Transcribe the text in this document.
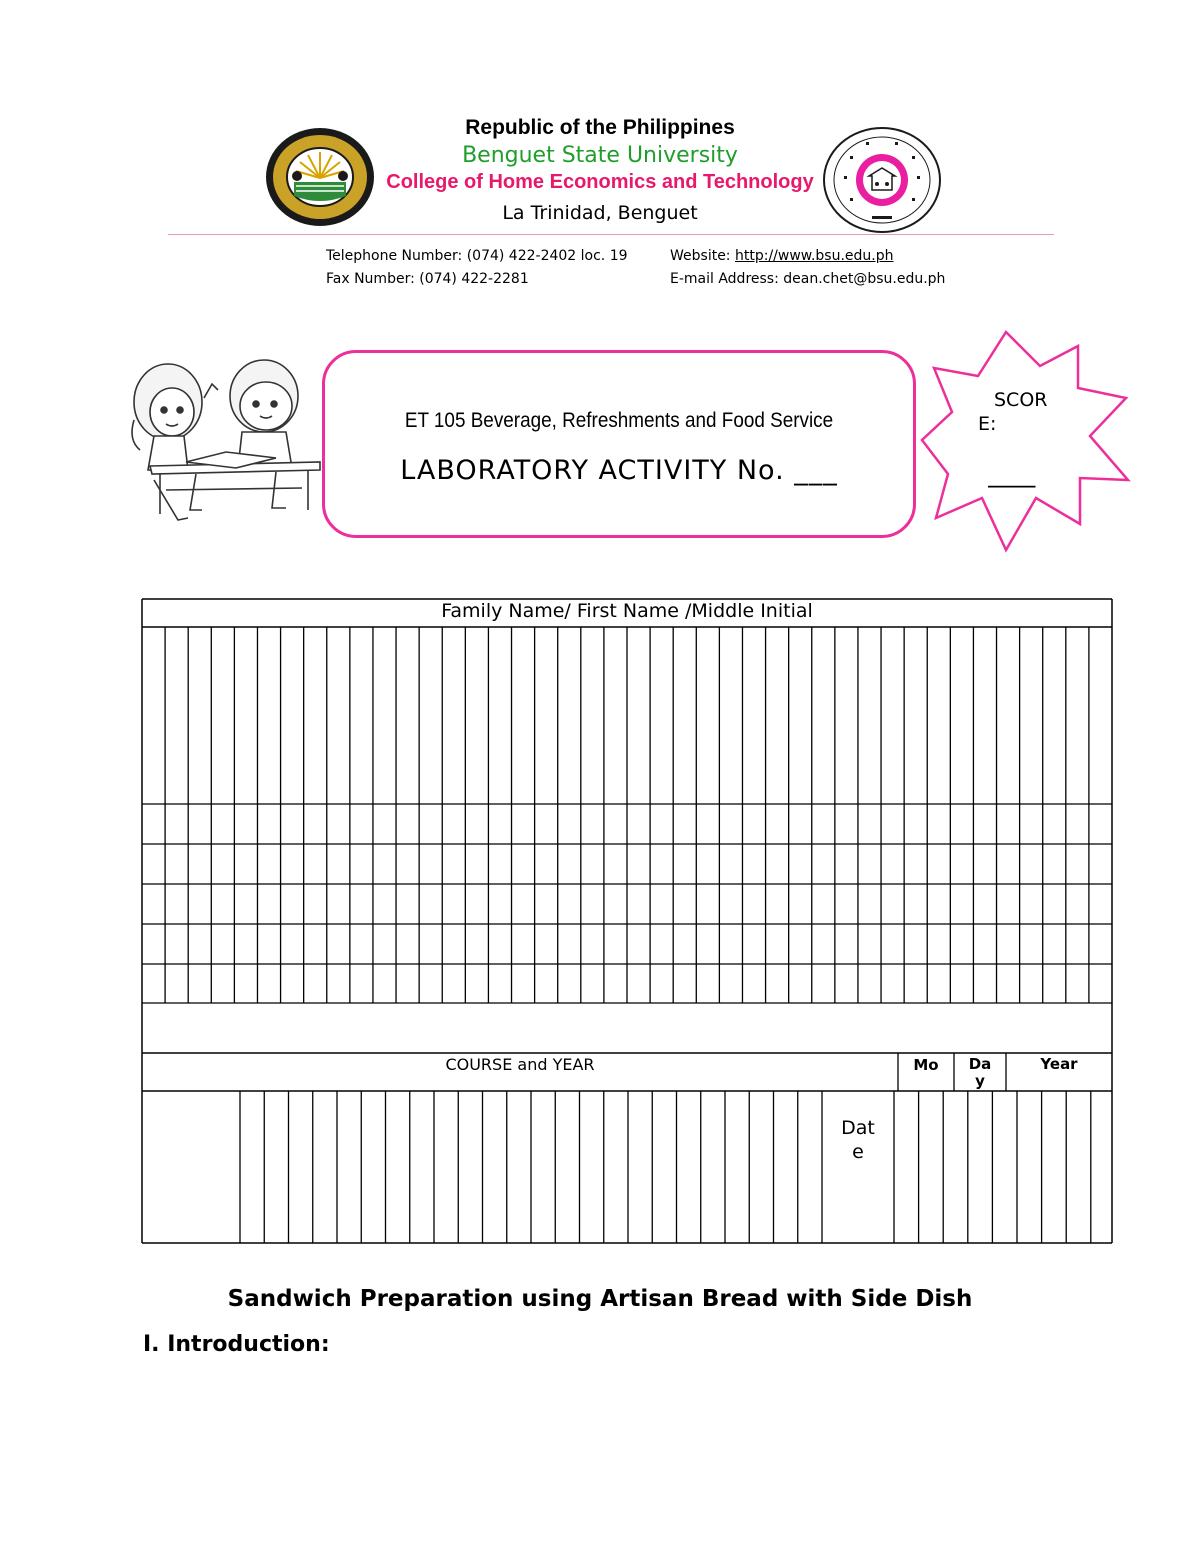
Republic of the Philippines
Benguet State University
College of Home Economics and Technology
La Trinidad, Benguet
Telephone Number: (074) 422-2402 loc. 19
Fax Number: (074) 422-2281
Website: http://www.bsu.edu.ph
E-mail Address: dean.chet@bsu.edu.ph
ET 105 Beverage, Refreshments and Food Service
LABORATORY ACTIVITY No. ___
SCOR
E:
_____
Family Name/ First Name /Middle Initial
COURSE and YEAR	Mo	Da
y
Year
Dat
e
Sandwich Preparation using Artisan Bread with Side Dish
I. Introduction:
